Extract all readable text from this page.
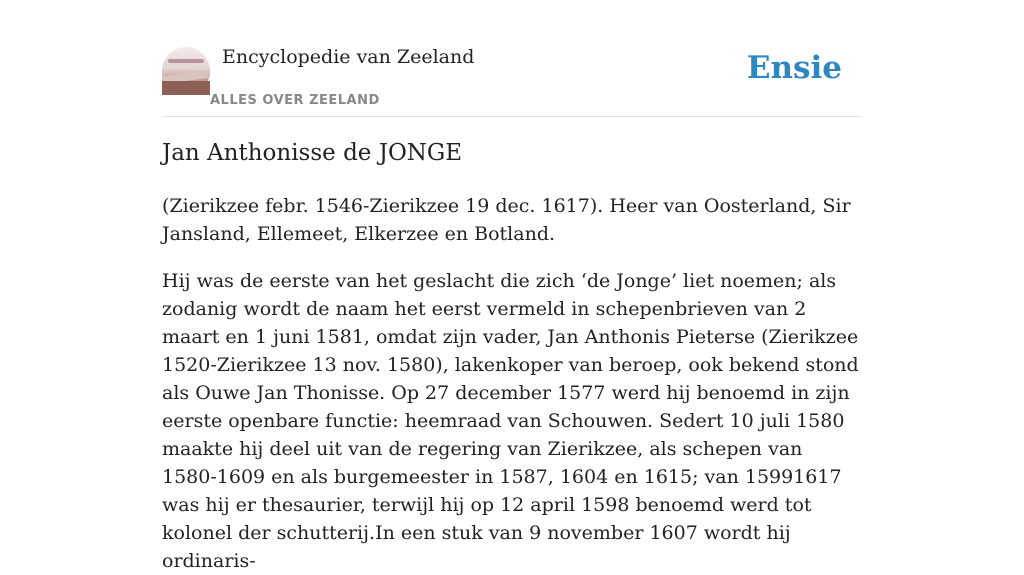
Encyclopedie van Zeeland
ALLES OVER ZEELAND
Ensie
Jan Anthonisse de JONGE

(Zierikzee febr. 1546-Zierikzee 19 dec. 1617). Heer van Oosterland, Sir Jansland, Ellemeet, Elkerzee en Botland.

Hij was de eerste van het geslacht die zich ‘de Jonge’ liet noemen; als zodanig wordt de naam het eerst vermeld in schepenbrieven van 2 maart en 1 juni 1581, omdat zijn vader, Jan Anthonis Pieterse (Zierikzee 1520-Zierikzee 13 nov. 1580), lakenkoper van beroep, ook bekend stond als Ouwe Jan Thonisse. Op 27 december 1577 werd hij benoemd in zijn eerste openbare functie: heemraad van Schouwen. Sedert 10 juli 1580 maakte hij deel uit van de regering van Zierikzee, als schepen van 1580-1609 en als burgemeester in 1587, 1604 en 1615; van 15991617 was hij er thesaurier, terwijl hij op 12 april 1598 benoemd werd tot kolonel der schutterij.In een stuk van 9 november 1607 wordt hij ordinaris-
